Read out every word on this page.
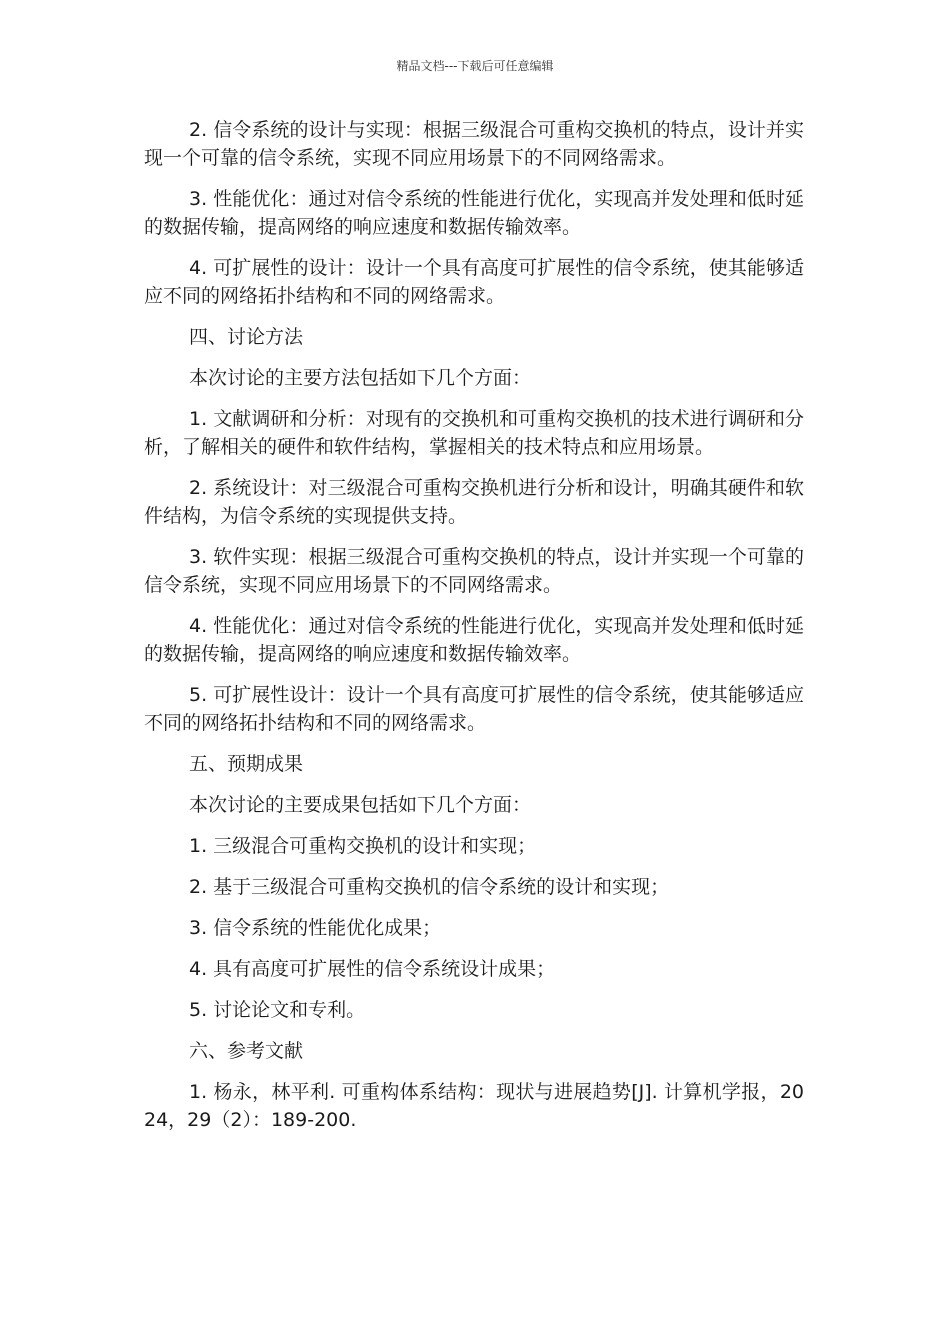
精品文档---下载后可任意编辑

2. 信令系统的设计与实现：根据三级混合可重构交换机的特点，设计并实现一个可靠的信令系统，实现不同应用场景下的不同网络需求。

3. 性能优化：通过对信令系统的性能进行优化，实现高并发处理和低时延的数据传输，提高网络的响应速度和数据传输效率。

4. 可扩展性的设计：设计一个具有高度可扩展性的信令系统，使其能够适应不同的网络拓扑结构和不同的网络需求。

四、讨论方法

本次讨论的主要方法包括如下几个方面：

1. 文献调研和分析：对现有的交换机和可重构交换机的技术进行调研和分析，了解相关的硬件和软件结构，掌握相关的技术特点和应用场景。

2. 系统设计：对三级混合可重构交换机进行分析和设计，明确其硬件和软件结构，为信令系统的实现提供支持。

3. 软件实现：根据三级混合可重构交换机的特点，设计并实现一个可靠的信令系统，实现不同应用场景下的不同网络需求。

4. 性能优化：通过对信令系统的性能进行优化，实现高并发处理和低时延的数据传输，提高网络的响应速度和数据传输效率。

5. 可扩展性设计：设计一个具有高度可扩展性的信令系统，使其能够适应不同的网络拓扑结构和不同的网络需求。

五、预期成果

本次讨论的主要成果包括如下几个方面：

1. 三级混合可重构交换机的设计和实现；

2. 基于三级混合可重构交换机的信令系统的设计和实现；

3. 信令系统的性能优化成果；

4. 具有高度可扩展性的信令系统设计成果；

5. 讨论论文和专利。

六、参考文献

1. 杨永，林平利. 可重构体系结构：现状与进展趋势[J]. 计算机学报，2024，29（2）：189-200.
